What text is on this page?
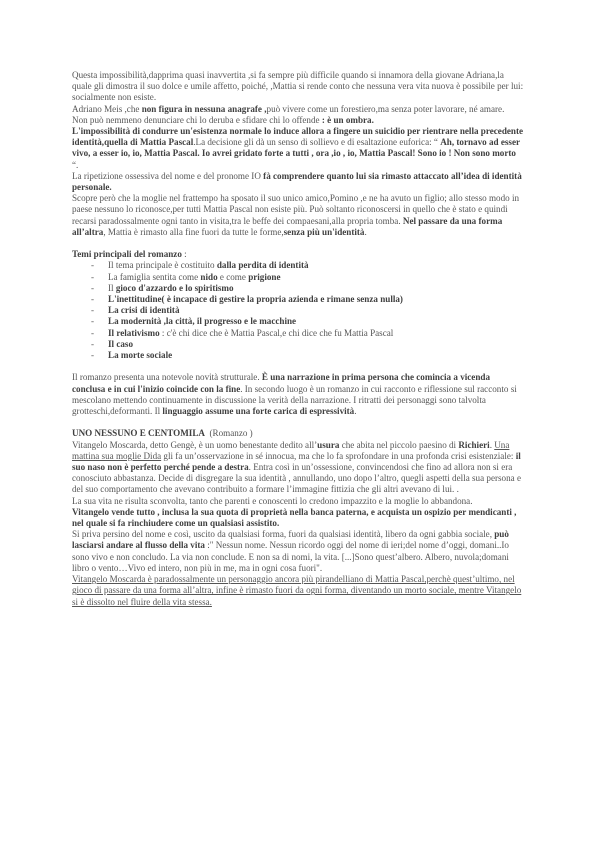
Questa impossibilità,dapprima quasi inavvertita ,si fa sempre più difficile quando si innamora della giovane Adriana,la quale gli dimostra il suo dolce e umile affetto, poiché, ,Mattia si rende conto che nessuna vera vita nuova è possibile per lui: socialmente non esiste.

Adriano Meis ,che non figura in nessuna anagrafe ,può vivere come un forestiero,ma senza poter lavorare, né amare.

Non può nemmeno denunciare chi lo deruba e sfidare chi lo offende : è un ombra.

L'impossibilità di condurre un'esistenza normale lo induce allora a fingere un suicidio per rientrare nella precedente identità,quella di Mattia Pascal.La decisione gli dà un senso di sollievo e di esaltazione euforica: “ Ah, tornavo ad esser vivo, a esser io, io, Mattia Pascal. Io avrei gridato forte a tutti , ora ,io , io, Mattia Pascal! Sono io ! Non sono morto “.

La ripetizione ossessiva del nome e del pronome IO fà comprendere quanto lui sia rimasto attaccato all’idea di identità personale.

Scopre però che la moglie nel frattempo ha sposato il suo unico amico,Pomino ,e ne ha avuto un figlio; allo stesso modo in paese nessuno lo riconosce,per tutti Mattia Pascal non esiste più. Può soltanto riconoscersi in quello che è stato e quindi recarsi paradossalmente ogni tanto in visita,tra le beffe dei compaesani,alla propria tomba. Nel passare da una forma all’altra, Mattia è rimasto alla fine fuori da tutte le forme,senza più un'identità.

Temi principali del romanzo :

- Il tema principale è costituito dalla perdita di identità
- La famiglia sentita come nido e come prigione
- Il gioco d'azzardo e lo spiritismo
- L'inettitudine( è incapace di gestire la propria azienda e rimane senza nulla)
- La crisi di identità
- La modernità ,la città, il progresso e le macchine
- Il relativismo : c'è chi dice che è Mattia Pascal,e chi dice che fu Mattia Pascal
- Il caso
- La morte sociale

Il romanzo presenta una notevole novità strutturale. È una narrazione in prima persona che comincia a vicenda conclusa e in cui l'inizio coincide con la fine. In secondo luogo è un romanzo in cui racconto e riflessione sul racconto si mescolano mettendo continuamente in discussione la verità della narrazione. I ritratti dei personaggi sono talvolta grotteschi,deformanti. Il linguaggio assume una forte carica di espressività.

UNO NESSUNO E CENTOMILA  (Romanzo )

Vitangelo Moscarda, detto Gengè, è un uomo benestante dedito all’usura che abita nel piccolo paesino di Richieri. Una mattina sua moglie Dida gli fa un’osservazione in sé innocua, ma che lo fa sprofondare in una profonda crisi esistenziale: il suo naso non è perfetto perché pende a destra. Entra così in un’ossessione, convincendosi che fino ad allora non si era conosciuto abbastanza. Decide di disgregare la sua identità , annullando, uno dopo l’altro, quegli aspetti della sua persona e del suo comportamento che avevano contribuito a formare l’immagine fittizia che gli altri avevano di lui. .

La sua vita ne risulta sconvolta, tanto che parenti e conoscenti lo credono impazzito e la moglie lo abbandona.

Vitangelo vende tutto , inclusa la sua quota di proprietà nella banca paterna, e acquista un ospizio per mendicanti , nel quale si fa rinchiudere come un qualsiasi assistito.

Si priva persino del nome e così, uscito da qualsiasi forma, fuori da qualsiasi identità, libero da ogni gabbia sociale, può lasciarsi andare al flusso della vita :" Nessun nome. Nessun ricordo oggi del nome di ieri;del nome d’oggi, domani..Io sono vivo e non concludo. La via non conclude. E non sa di nomi, la vita. [...]Sono quest’albero. Albero, nuvola;domani libro o vento…Vivo ed intero, non più in me, ma in ogni cosa fuori".

Vitangelo Moscarda è paradossalmente un personaggio ancora più pirandelliano di Mattia Pascal,perchè quest’ultimo, nel gioco di passare da una forma all’altra, infine è rimasto fuori da ogni forma, diventando un morto sociale, mentre Vitangelo si è dissolto nel fluire della vita stessa.
